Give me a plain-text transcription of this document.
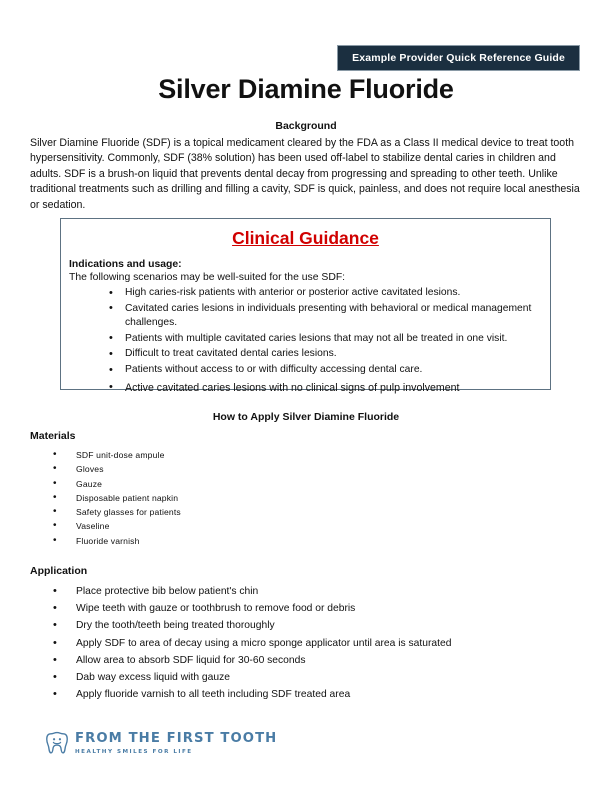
Example Provider Quick Reference Guide
Silver Diamine Fluoride
Background
Silver Diamine Fluoride (SDF) is a topical medicament cleared by the FDA as a Class II medical device to treat tooth hypersensitivity. Commonly, SDF (38% solution) has been used off-label to stabilize dental caries in children and adults. SDF is a brush-on liquid that prevents dental decay from progressing and spreading to other teeth. Unlike traditional treatments such as drilling and filling a cavity, SDF is quick, painless, and does not require local anesthesia or sedation.
Clinical Guidance
Indications and usage:
The following scenarios may be well-suited for the use SDF:
• High caries-risk patients with anterior or posterior active cavitated lesions.
• Cavitated caries lesions in individuals presenting with behavioral or medical management challenges.
• Patients with multiple cavitated caries lesions that may not all be treated in one visit.
• Difficult to treat cavitated dental caries lesions.
• Patients without access to or with difficulty accessing dental care.
• Active cavitated caries lesions with no clinical signs of pulp involvement
How to Apply Silver Diamine Fluoride
Materials
• SDF unit-dose ampule
• Gloves
• Gauze
• Disposable patient napkin
• Safety glasses for patients
• Vaseline
• Fluoride varnish
Application
• Place protective bib below patient's chin
• Wipe teeth with gauze or toothbrush to remove food or debris
• Dry the tooth/teeth being treated thoroughly
• Apply SDF to area of decay using a micro sponge applicator until area is saturated
• Allow area to absorb SDF liquid for 30-60 seconds
• Dab way excess liquid with gauze
• Apply fluoride varnish to all teeth including SDF treated area
FROM THE FIRST TOOTH
HEALTHY SMILES FOR LIFE
